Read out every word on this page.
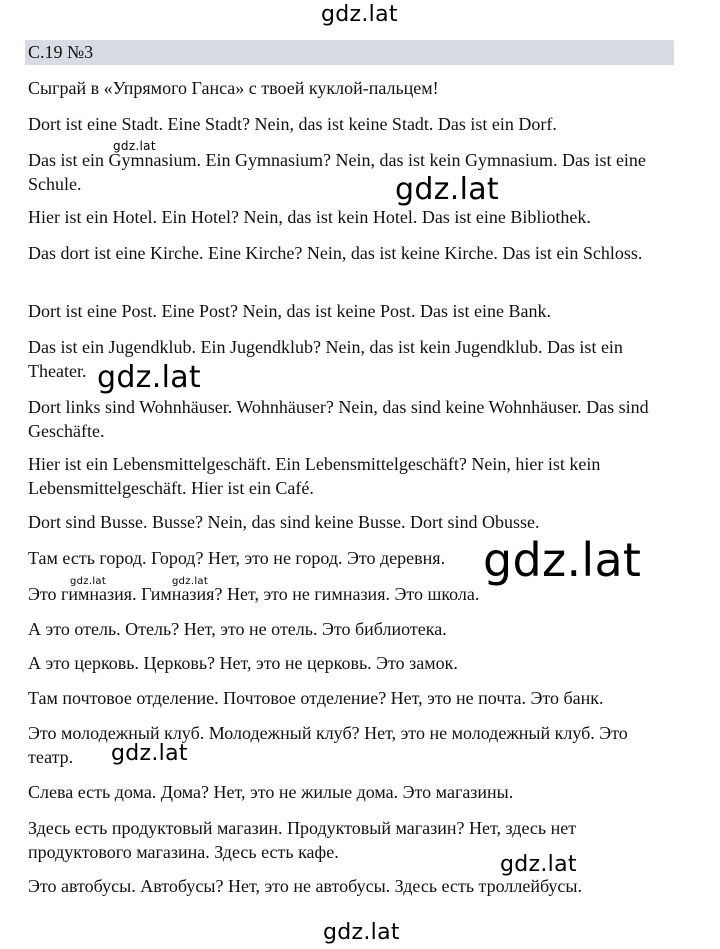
С.19 №3

Сыграй в «Упрямого Ганса» с твоей куклой-пальцем!

Dort ist eine Stadt. Eine Stadt? Nein, das ist keine Stadt. Das ist ein Dorf.

Das ist ein Gymnasium. Ein Gymnasium? Nein, das ist kein Gymnasium. Das ist eine Schule.

Hier ist ein Hotel. Ein Hotel? Nein, das ist kein Hotel. Das ist eine Bibliothek.

Das dort ist eine Kirche. Eine Kirche? Nein, das ist keine Kirche. Das ist ein Schloss.

Dort ist eine Post. Eine Post? Nein, das ist keine Post. Das ist eine Bank.

Das ist ein Jugendklub. Ein Jugendklub? Nein, das ist kein Jugendklub. Das ist ein Theater.

Dort links sind Wohnhäuser. Wohnhäuser? Nein, das sind keine Wohnhäuser. Das sind Geschäfte.

Hier ist ein Lebensmittelgeschäft. Ein Lebensmittelgeschäft? Nein, hier ist kein Lebensmittelgeschäft. Hier ist ein Café.

Dort sind Busse. Busse? Nein, das sind keine Busse. Dort sind Obusse.

Там есть город. Город? Нет, это не город. Это деревня.

Это гимназия. Гимназия? Нет, это не гимназия. Это школа.

А это отель. Отель? Нет, это не отель. Это библиотека.

А это церковь. Церковь? Нет, это не церковь. Это замок.

Там почтовое отделение. Почтовое отделение? Нет, это не почта. Это банк.

Это молодежный клуб. Молодежный клуб? Нет, это не молодежный клуб. Это театр.

Слева есть дома. Дома? Нет, это не жилые дома. Это магазины.

Здесь есть продуктовый магазин. Продуктовый магазин? Нет, здесь нет продуктового магазина. Здесь есть кафе.

Это автобусы. Автобусы? Нет, это не автобусы. Здесь есть троллейбусы.

gdz.lat
gdz.lat
gdz.lat
gdz.lat
gdz.lat
gdz.lat	gdz.lat
gdz.lat
gdz.lat
gdz.lat
